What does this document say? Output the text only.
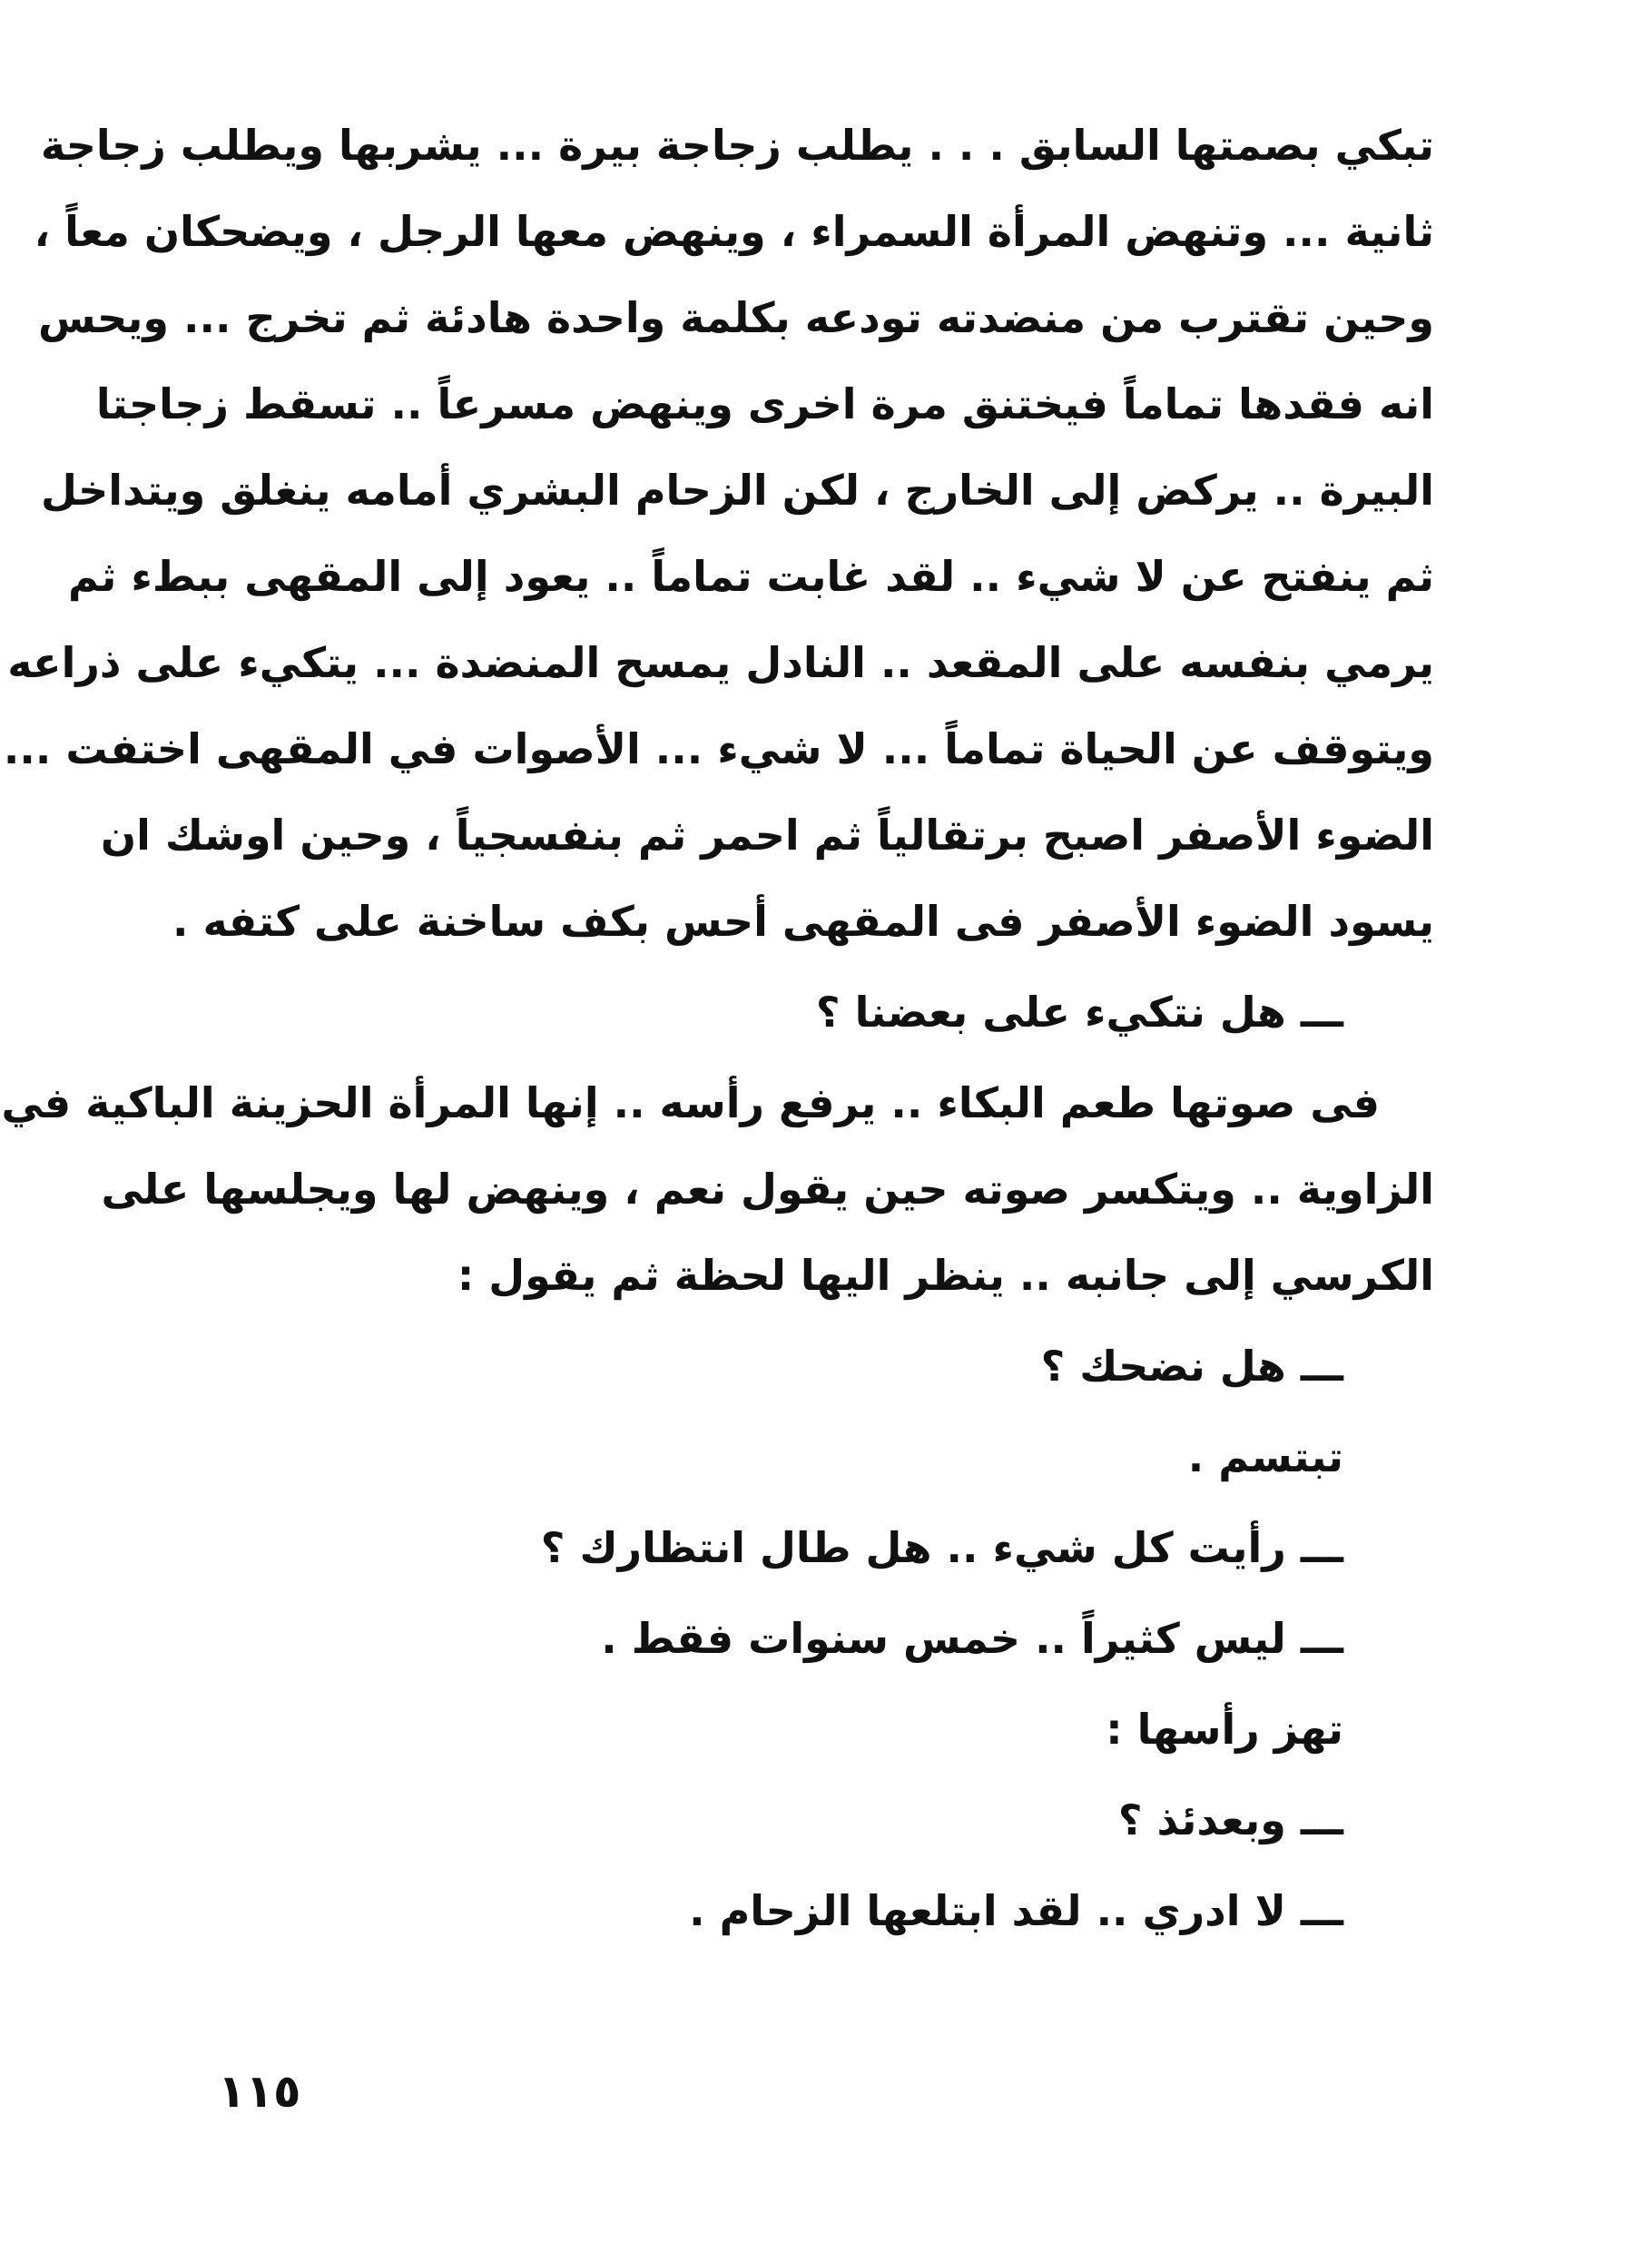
تبكي بصمتها السابق . . . يطلب زجاجة بيرة ... يشربها ويطلب زجاجة
ثانية ... وتنهض المرأة السمراء ، وينهض معها الرجل ، ويضحكان معاً ،
وحين تقترب من منضدته تودعه بكلمة واحدة هادئة ثم تخرج ... ويحس
انه فقدها تماماً فيختنق مرة اخرى وينهض مسرعاً .. تسقط زجاجتا
البيرة .. يركض إلى الخارج ، لكن الزحام البشري أمامه ينغلق ويتداخل
ثم ينفتح عن لا شيء .. لقد غابت تماماً .. يعود إلى المقهى ببطء ثم
يرمي بنفسه على المقعد .. النادل يمسح المنضدة ... يتكيء على ذراعه
ويتوقف عن الحياة تماماً ... لا شيء ... الأصوات في المقهى اختفت ...
الضوء الأصفر اصبح برتقالياً ثم احمر ثم بنفسجياً ، وحين اوشك ان
يسود الضوء الأصفر فى المقهى أحس بكف ساخنة على كتفه .
ـــ هل نتكيء على بعضنا ؟
فى صوتها طعم البكاء .. يرفع رأسه .. إنها المرأة الحزينة الباكية في
الزاوية .. ويتكسر صوته حين يقول نعم ، وينهض لها ويجلسها على
الكرسي إلى جانبه .. ينظر اليها لحظة ثم يقول :
ـــ هل نضحك ؟
تبتسم .
ـــ رأيت كل شيء .. هل طال انتظارك ؟
ـــ ليس كثيراً .. خمس سنوات فقط .
تهز رأسها :
ـــ وبعدئذ ؟
ـــ لا ادري .. لقد ابتلعها الزحام .
١١٥
